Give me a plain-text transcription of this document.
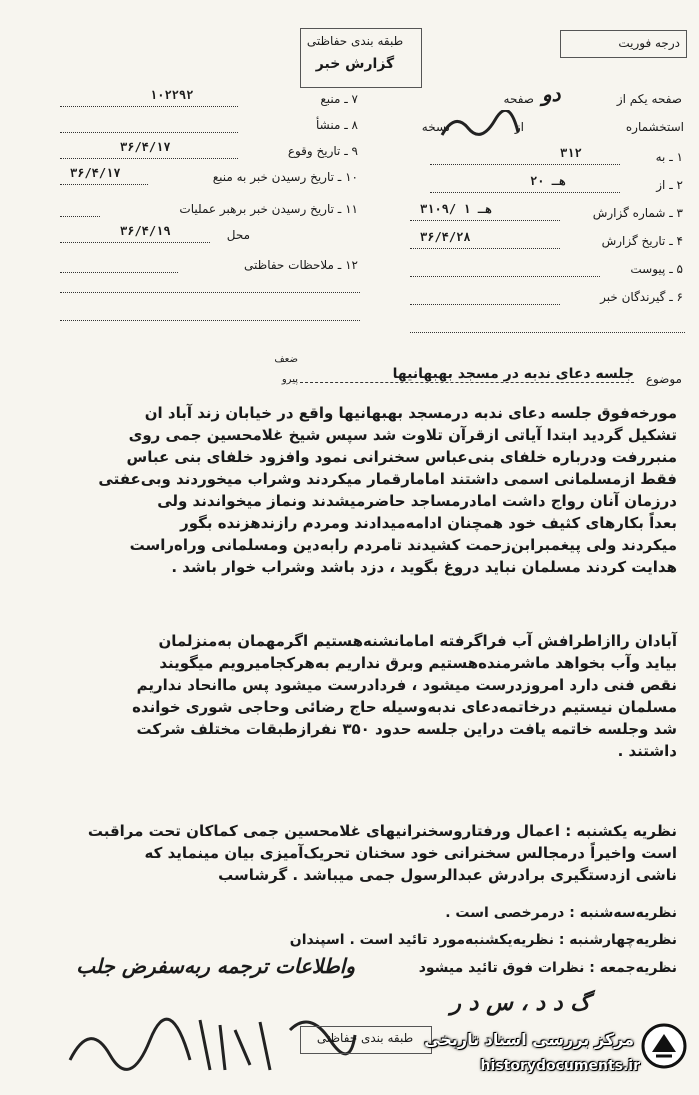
طبقه بندی حفاظتی
گزارش خبر
درجه فوریت
صفحه یکم از
دو
صفحه
استخشماره
از
نسخه
۷ ـ منبع
۱۰۲۲۹۲
۸ ـ منشأ
۹ ـ تاریخ وقوع
۳۶/۴/۱۷
۱۰ ـ تاریخ رسیدن خبر به منبع
۳۶/۴/۱۷
۱۱ ـ تاریخ رسیدن خبر برهبر عملیات
محل
۳۶/۴/۱۹
۱۲ ـ ملاحظات حفاظتی
۱ ـ به
۳۱۲
۲ ـ از
۲۰ هـ
۳ ـ شماره گزارش
۳۱۰۹/ هـ ۱
۴ ـ تاریخ گزارش
۳۶/۴/۲۸
۵ ـ پیوست
۶ ـ گیرندگان خبر
موضوع
جلسه‌ دعای ندبه در مسجد بهبهانیها
ضعف
پیرو
مورخه‌فوق جلسه‌ دعای ندبه درمسجد بهبهانیها واقع در خیابان زند آباد ان
تشکیل گردید ابتدا آیاتی ازقرآن تلاوت شد سپس شیخ غلامحسین جمی روی
منبررفت ودرباره خلفای بنی‌عباس سخنرانی نمود وافزود خلفای بنی عباس
فقط ازمسلمانی اسمی داشتند امامارقمار میکردند وشراب میخوردند وبی‌عفتی
درزمان آنان رواج داشت امادرمساجد حاضرمیشدند ونماز میخواندند ولی
بعداً بکارهای کثیف خود همچنان ادامه‌میدادند ومردم رازندهزنده بگور
میکردند ولی پیغمبرابن‌زحمت کشیدند تامردم رابه‌دین ومسلمانی وراه‌راست
هدایت کردند مسلمان نباید دروغ بگوید ، دزد باشد وشراب خوار باشد .
آبادان راازاطرافش آب فراگرفته امامانشنه‌هستیم اگرمهمان به‌منزلمان
بیاید وآب بخواهد ماشرمنده‌هستیم وبرق نداریم به‌هرکجامیرویم میگویند
نقص فنی دارد امروزدرست میشود ، فردادرست میشود پس ماانحاد نداریم
مسلمان نیستیم درخاتمه‌دعای ندبه‌وسیله حاج رضائی وحاجی شوری خوانده
شد وجلسه خاتمه یافت دراین جلسه حدود ۳۵۰ نفرازطبقات مختلف شرکت
داشتند .
نظریه یکشنبه : اعمال ورفتاروسخنرانیهای غلامحسین جمی کماکان تحت مراقبت
است واخیراً درمجالس سخنرانی خود سخنان تحریک‌آمیزی بیان مینماید که
ناشی ازدستگیری برادرش عبدالرسول جمی میباشد . گرشاسب
نظریه‌سه‌شنبه : درمرخصی است .
نظریه‌چهارشنبه : نظریه‌یکشنبه‌مورد تائید است . اسپندان
نظریه‌جمعه : نظرات فوق تائید میشود
واطلاعات ترجمه ربه‌سفرض جلب
گ د د ، س د ر
طبقه بندی حفاظتی مرکز بررسی اسناد تاریخی
historydocuments.ir
